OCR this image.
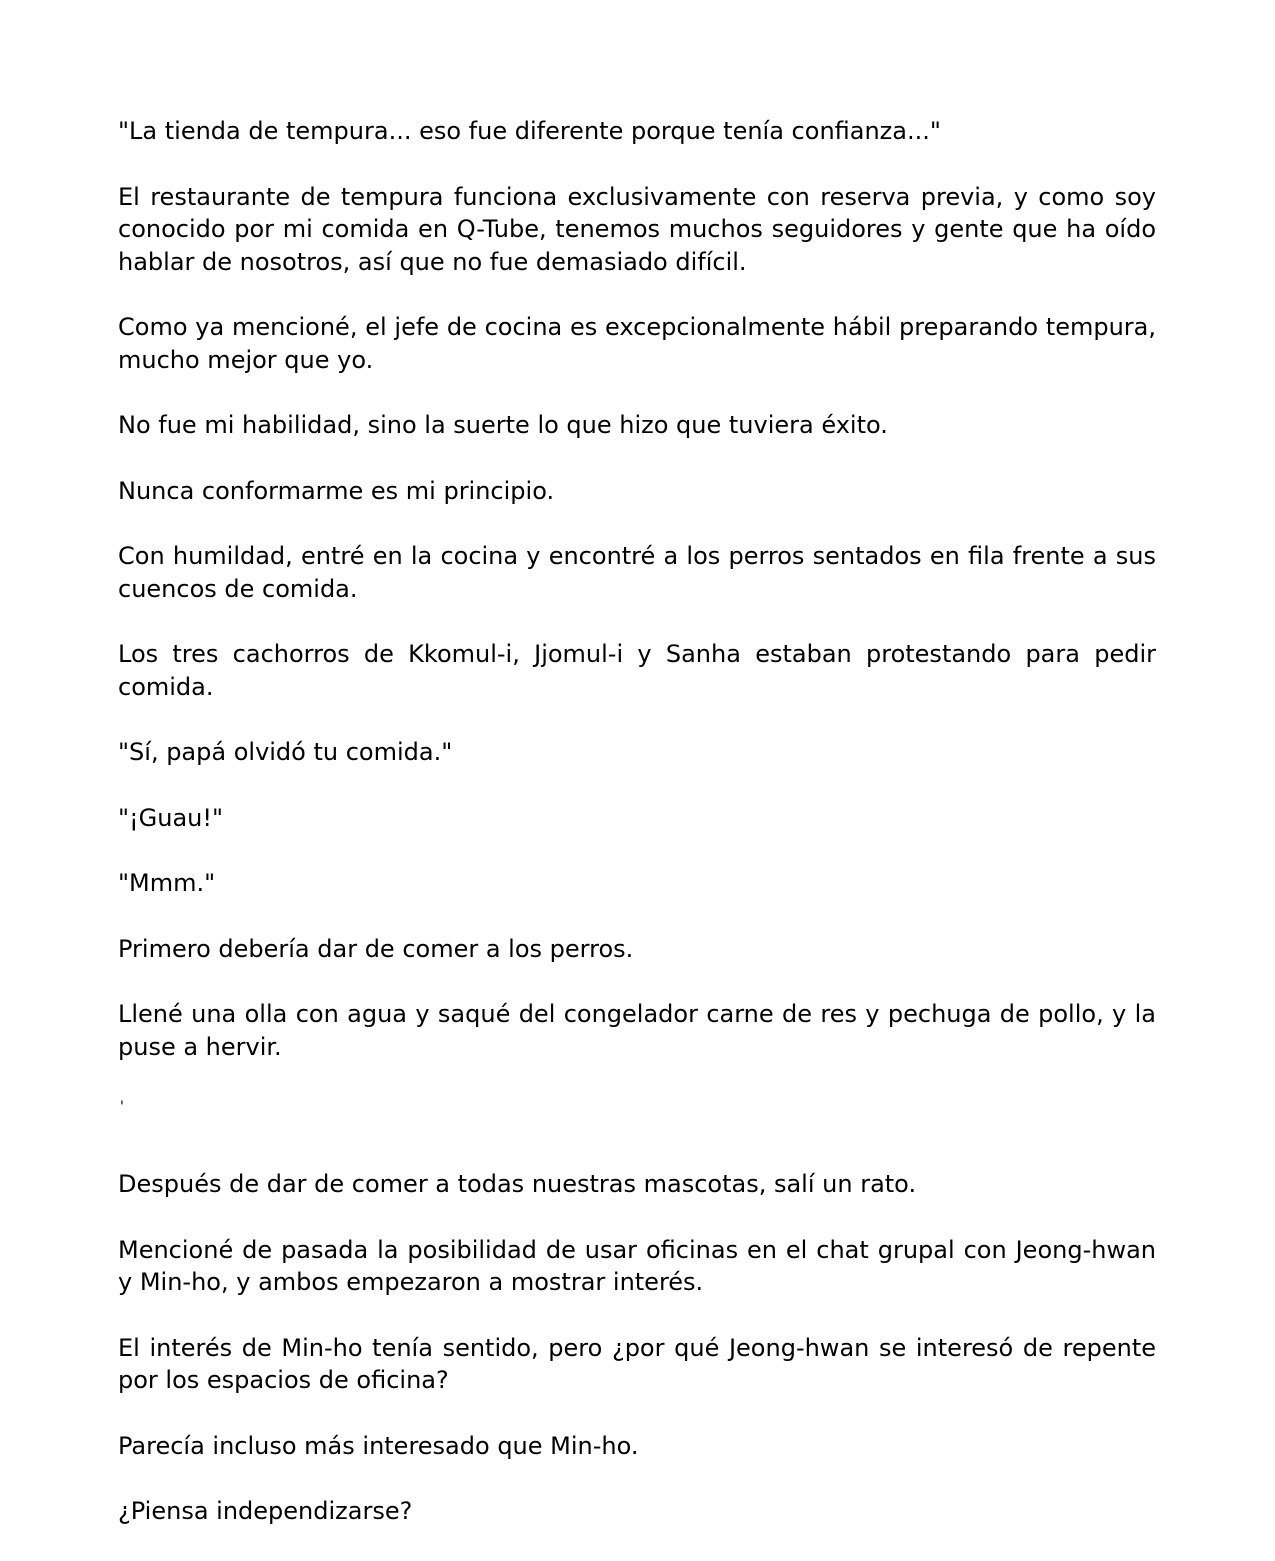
"La tienda de tempura... eso fue diferente porque tenía confianza..."

El restaurante de tempura funciona exclusivamente con reserva previa, y como soy conocido por mi comida en Q-Tube, tenemos muchos seguidores y gente que ha oído hablar de nosotros, así que no fue demasiado difícil.

Como ya mencioné, el jefe de cocina es excepcionalmente hábil preparando tempura, mucho mejor que yo.

No fue mi habilidad, sino la suerte lo que hizo que tuviera éxito.

Nunca conformarme es mi principio.

Con humildad, entré en la cocina y encontré a los perros sentados en fila frente a sus cuencos de comida.

Los tres cachorros de Kkomul-i, Jjomul-i y Sanha estaban protestando para pedir comida.

"Sí, papá olvidó tu comida."

"¡Guau!"

"Mmm."

Primero debería dar de comer a los perros.

Llené una olla con agua y saqué del congelador carne de res y pechuga de pollo, y la puse a hervir.

'

Después de dar de comer a todas nuestras mascotas, salí un rato.

Mencioné de pasada la posibilidad de usar oficinas en el chat grupal con Jeong-hwan y Min-ho, y ambos empezaron a mostrar interés.

El interés de Min-ho tenía sentido, pero ¿por qué Jeong-hwan se interesó de repente por los espacios de oficina?

Parecía incluso más interesado que Min-ho.

¿Piensa independizarse?
